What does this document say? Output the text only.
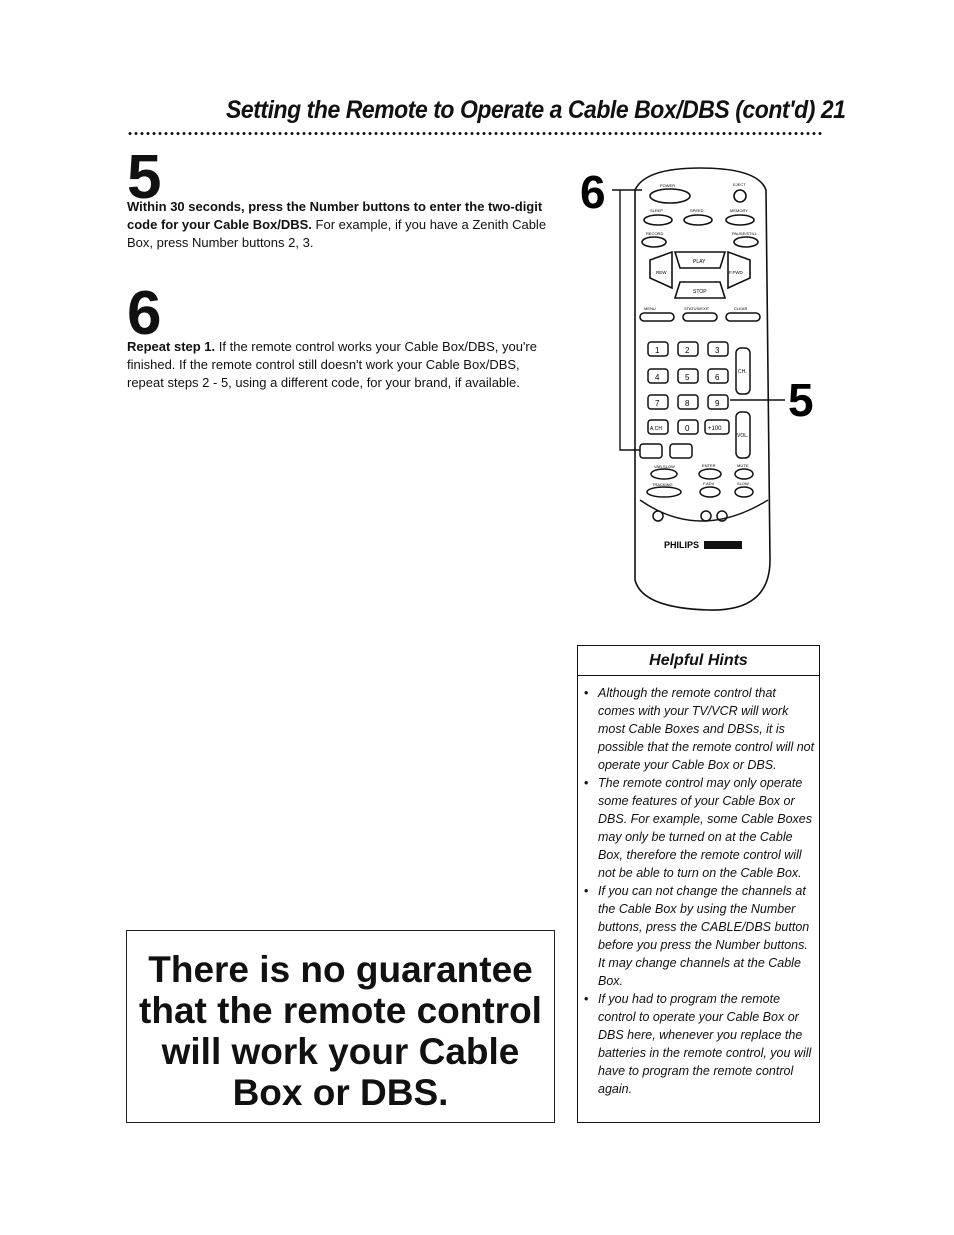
Setting the Remote to Operate a Cable Box/DBS (cont'd) 21
5
Within 30 seconds, press the Number buttons to enter the two-digit code for your Cable Box/DBS. For example, if you have a Zenith Cable Box, press Number buttons 2, 3.
6
Repeat step 1. If the remote control works your Cable Box/DBS, you're finished. If the remote control still doesn't work your Cable Box/DBS, repeat steps 2 - 5, using a different code, for your brand, if available.
6
5
POWER	EJECT
SLEEP	SPEED	MEMORY
RECORD	PAUSE/STILL
PLAY
REW	F.FWD
STOP
MENU	STATUS/EXIT	CLEAR
1	2	3
4	5	6
7	8	9
A.CH	0	+100
CH.
VOL.
VAR.SLOW	ENTER	MUTE
TRACKING	F.ADV	SLOW
PHILIPS
There is no guarantee that the remote control will work your Cable Box or DBS.
Helpful Hints
• Although the remote control that comes with your TV/VCR will work most Cable Boxes and DBSs, it is possible that the remote control will not operate your Cable Box or DBS.
• The remote control may only operate some features of your Cable Box or DBS. For example, some Cable Boxes may only be turned on at the Cable Box, therefore the remote control will not be able to turn on the Cable Box.
• If you can not change the channels at the Cable Box by using the Number buttons, press the CABLE/DBS button before you press the Number buttons. It may change channels at the Cable Box.
• If you had to program the remote control to operate your Cable Box or DBS here, whenever you replace the batteries in the remote control, you will have to program the remote control again.
